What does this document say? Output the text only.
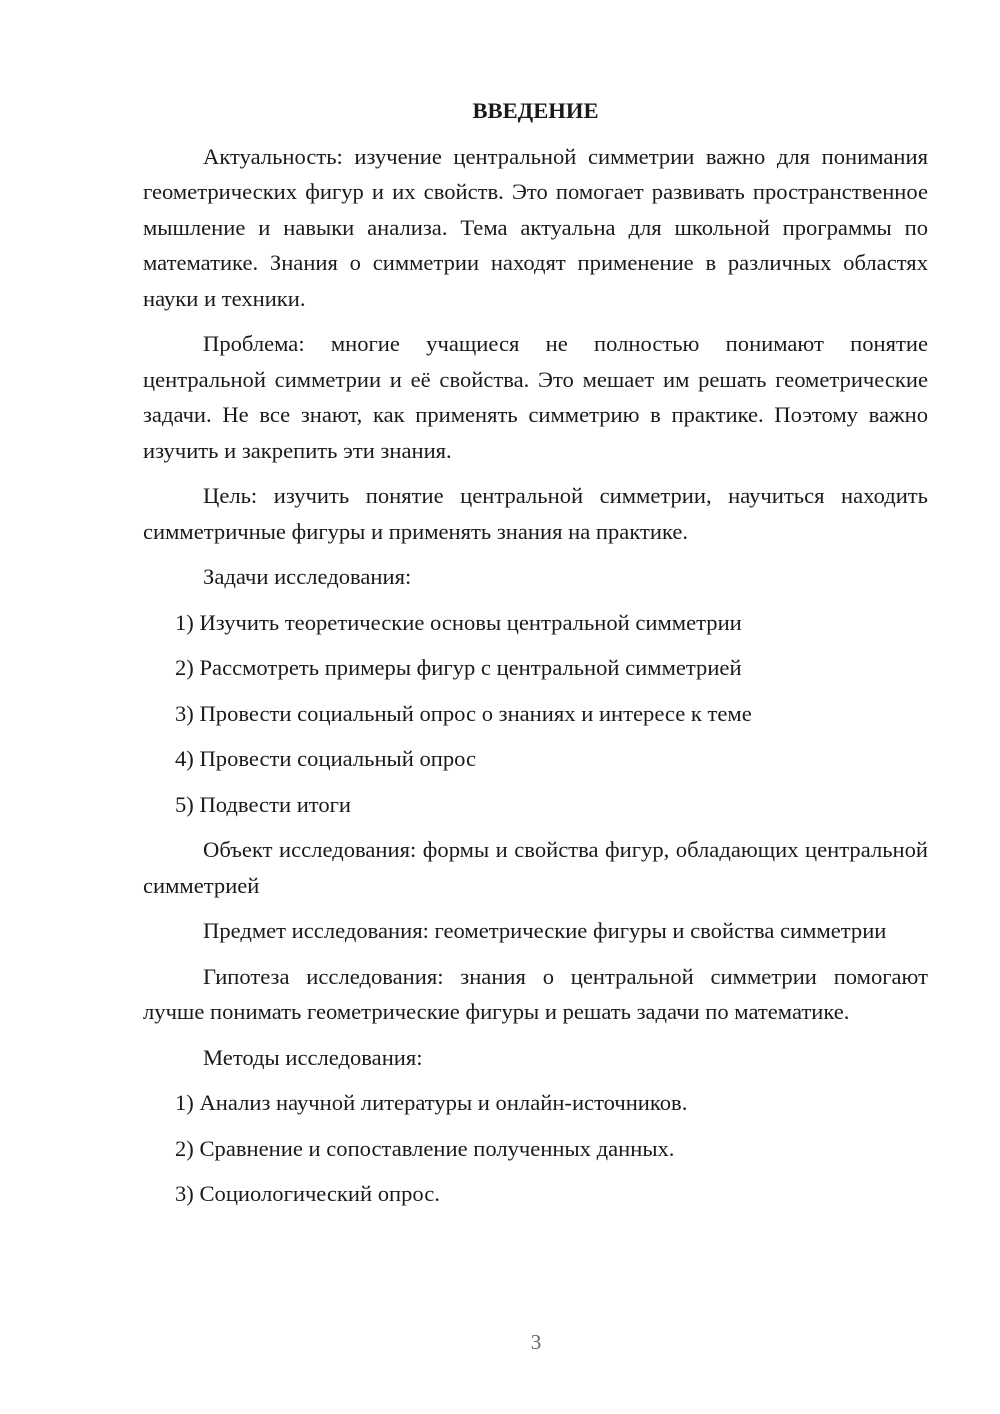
ВВЕДЕНИЕ

Актуальность: изучение центральной симметрии важно для понимания геометрических фигур и их свойств. Это помогает развивать пространственное мышление и навыки анализа. Тема актуальна для школьной программы по математике. Знания о симметрии находят применение в различных областях науки и техники.

Проблема: многие учащиеся не полностью понимают понятие центральной симметрии и её свойства. Это мешает им решать геометрические задачи. Не все знают, как применять симметрию в практике. Поэтому важно изучить и закрепить эти знания.

Цель: изучить понятие центральной симметрии, научиться находить симметричные фигуры и применять знания на практике.

Задачи исследования:

1) Изучить теоретические основы центральной симметрии

2) Рассмотреть примеры фигур с центральной симметрией

3) Провести социальный опрос о знаниях и интересе к теме

4) Провести социальный опрос

5) Подвести итоги

Объект исследования: формы и свойства фигур, обладающих центральной симметрией

Предмет исследования: геометрические фигуры и свойства симметрии

Гипотеза исследования: знания о центральной симметрии помогают лучше понимать геометрические фигуры и решать задачи по математике.

Методы исследования:

1) Анализ научной литературы и онлайн-источников.

2) Сравнение и сопоставление полученных данных.

3) Социологический опрос.

3
